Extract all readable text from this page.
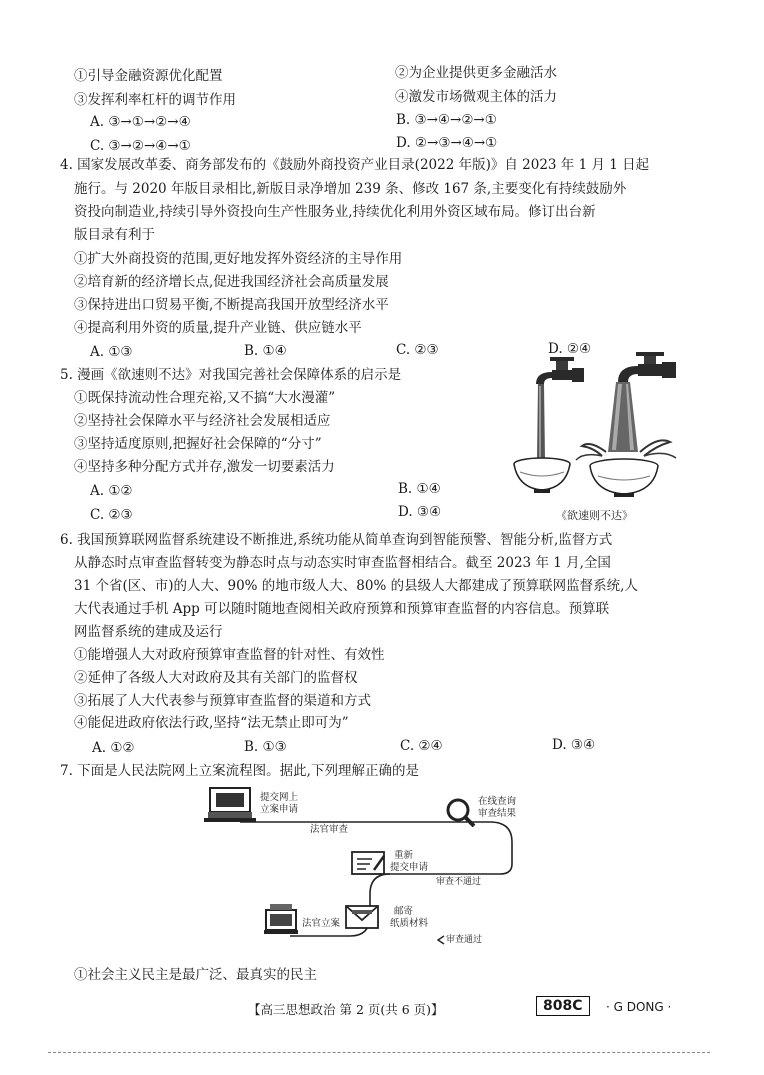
①引导金融资源优化配置	②为企业提供更多金融活水
③发挥利率杠杆的调节作用	④激发市场微观主体的活力
A. ③→①→②→④	B. ③→④→②→①
C. ③→②→④→①	D. ②→③→④→①
4. 国家发展改革委、商务部发布的《鼓励外商投资产业目录(2022 年版)》自 2023 年 1 月 1 日起
施行。与 2020 年版目录相比,新版目录净增加 239 条、修改 167 条,主要变化有持续鼓励外
资投向制造业,持续引导外资投向生产性服务业,持续优化利用外资区域布局。修订出台新
版目录有利于
①扩大外商投资的范围,更好地发挥外资经济的主导作用
②培育新的经济增长点,促进我国经济社会高质量发展
③保持进出口贸易平衡,不断提高我国开放型经济水平
④提高利用外资的质量,提升产业链、供应链水平
A. ①③	B. ①④	C. ②③	D. ②④
5. 漫画《欲速则不达》对我国完善社会保障体系的启示是
①既保持流动性合理充裕,又不搞“大水漫灌”
②坚持社会保障水平与经济社会发展相适应
③坚持适度原则,把握好社会保障的“分寸”
④坚持多种分配方式并存,激发一切要素活力
A. ①②	B. ①④
C. ②③	D. ③④	《欲速则不达》
6. 我国预算联网监督系统建设不断推进,系统功能从简单查询到智能预警、智能分析,监督方式
从静态时点审查监督转变为静态时点与动态实时审查监督相结合。截至 2023 年 1 月,全国
31 个省(区、市)的人大、90% 的地市级人大、80% 的县级人大都建成了预算联网监督系统,人
大代表通过手机 App 可以随时随地查阅相关政府预算和预算审查监督的内容信息。预算联
网监督系统的建成及运行
①能增强人大对政府预算审查监督的针对性、有效性
②延伸了各级人大对政府及其有关部门的监督权
③拓展了人大代表参与预算审查监督的渠道和方式
④能促进政府依法行政,坚持“法无禁止即可为”
A. ①②	B. ①③	C. ②④	D. ③④
7. 下面是人民法院网上立案流程图。据此,下列理解正确的是
提交网上
立案申请
法官审查
在线查询
审查结果
重新
提交申请
审查不通过
法官立案
邮寄
纸质材料
审查通过
①社会主义民主是最广泛、最真实的民主
【高三思想政治 第 2 页(共 6 页)】	808C	· G DONG ·
